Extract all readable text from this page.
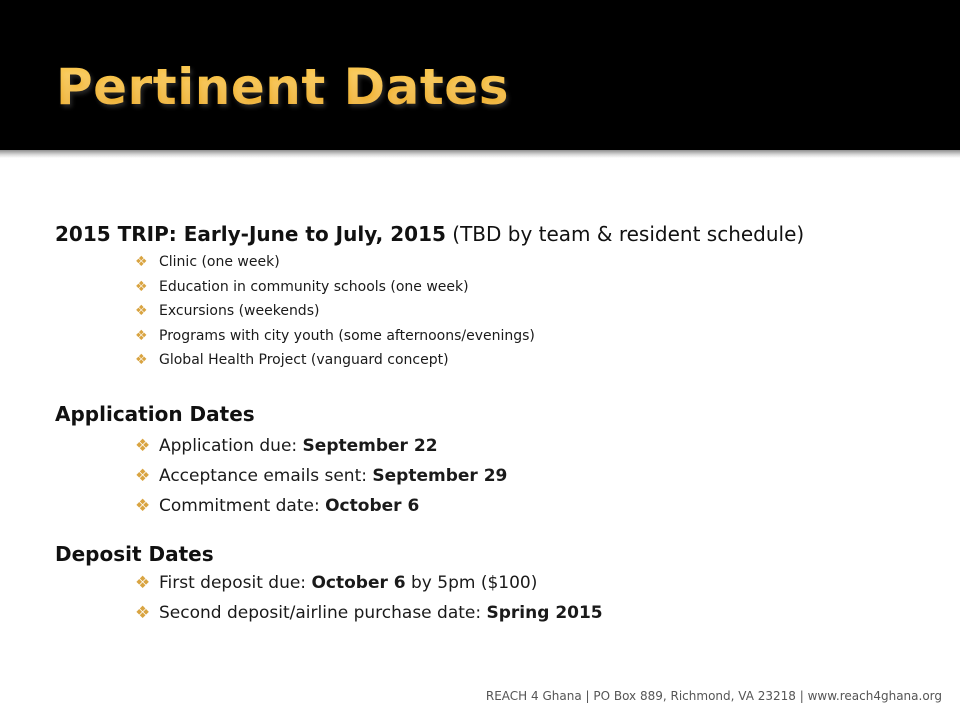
Pertinent Dates
2015 TRIP: Early-June to July, 2015 (TBD by team & resident schedule)
❖ Clinic (one week)
❖ Education in community schools (one week)
❖ Excursions (weekends)
❖ Programs with city youth (some afternoons/evenings)
❖ Global Health Project (vanguard concept)
Application Dates
❖ Application due: September 22
❖ Acceptance emails sent: September 29
❖ Commitment date: October 6
Deposit Dates
❖ First deposit due: October 6 by 5pm ($100)
❖ Second deposit/airline purchase date: Spring 2015
REACH 4 Ghana | PO Box 889, Richmond, VA 23218 | www.reach4ghana.org
